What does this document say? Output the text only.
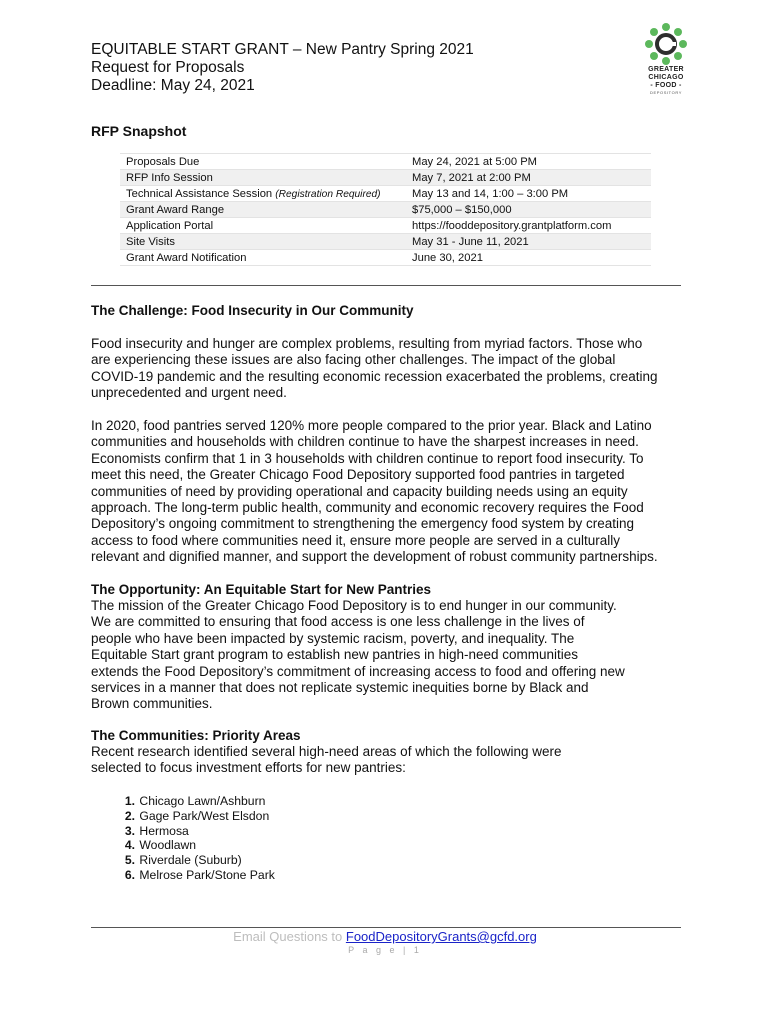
EQUITABLE START GRANT – New Pantry Spring 2021
Request for Proposals
Deadline: May 24, 2021
GREATER
CHICAGO
- FOOD -
DEPOSITORY
RFP Snapshot
Proposals Due	May 24, 2021 at 5:00 PM
RFP Info Session	May 7, 2021 at 2:00 PM
Technical Assistance Session (Registration Required)	May 13 and 14, 1:00 – 3:00 PM
Grant Award Range	$75,000 – $150,000
Application Portal	https://fooddepository.grantplatform.com
Site Visits	May 31 - June 11, 2021
Grant Award Notification	June 30, 2021
The Challenge: Food Insecurity in Our Community
Food insecurity and hunger are complex problems, resulting from myriad factors. Those who
are experiencing these issues are also facing other challenges. The impact of the global
COVID-19 pandemic and the resulting economic recession exacerbated the problems, creating
unprecedented and urgent need.
In 2020, food pantries served 120% more people compared to the prior year. Black and Latino
communities and households with children continue to have the sharpest increases in need.
Economists confirm that 1 in 3 households with children continue to report food insecurity. To
meet this need, the Greater Chicago Food Depository supported food pantries in targeted
communities of need by providing operational and capacity building needs using an equity
approach. The long-term public health, community and economic recovery requires the Food
Depository’s ongoing commitment to strengthening the emergency food system by creating
access to food where communities need it, ensure more people are served in a culturally
relevant and dignified manner, and support the development of robust community partnerships.
The Opportunity: An Equitable Start for New Pantries
The mission of the Greater Chicago Food Depository is to end hunger in our community.
We are committed to ensuring that food access is one less challenge in the lives of
people who have been impacted by systemic racism, poverty, and inequality. The
Equitable Start grant program to establish new pantries in high-need communities
extends the Food Depository’s commitment of increasing access to food and offering new
services in a manner that does not replicate systemic inequities borne by Black and
Brown communities.
The Communities: Priority Areas
Recent research identified several high-need areas of which the following were
selected to focus investment efforts for new pantries:
1. Chicago Lawn/Ashburn
2. Gage Park/West Elsdon
3. Hermosa
4. Woodlawn
5. Riverdale (Suburb)
6. Melrose Park/Stone Park
Email Questions to FoodDepositoryGrants@gcfd.org
P a g e | 1
